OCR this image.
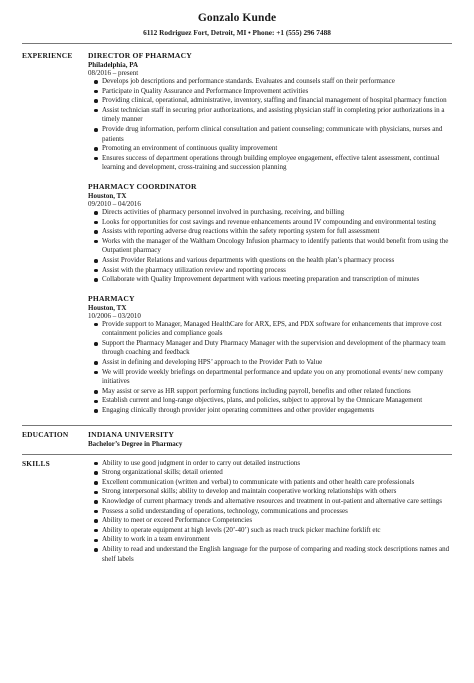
Gonzalo Kunde
6112 Rodriguez Fort, Detroit, MI • Phone: +1 (555) 296 7488
EXPERIENCE DIRECTOR OF PHARMACY
Philadelphia, PA
08/2016 – present
Develops job descriptions and performance standards. Evaluates and counsels staff on their performance
Participate in Quality Assurance and Performance Improvement activities
Providing clinical, operational, administrative, inventory, staffing and financial management of hospital pharmacy function
Assist technician staff in securing prior authorizations, and assisting physician staff in completing prior authorizations in a timely manner
Provide drug information, perform clinical consultation and patient counseling; communicate with physicians, nurses and patients
Promoting an environment of continuous quality improvement
Ensures success of department operations through building employee engagement, effective talent assessment, continual learning and development, cross-training and succession planning
PHARMACY COORDINATOR
Houston, TX
09/2010 – 04/2016
Directs activities of pharmacy personnel involved in purchasing, receiving, and billing
Looks for opportunities for cost savings and revenue enhancements around IV compounding and environmental testing
Assists with reporting adverse drug reactions within the safety reporting system for full assessment
Works with the manager of the Waltham Oncology Infusion pharmacy to identify patients that would benefit from using the Outpatient pharmacy
Assist Provider Relations and various departments with questions on the health plan’s pharmacy process
Assist with the pharmacy utilization review and reporting process
Collaborate with Quality Improvement department with various meeting preparation and transcription of minutes
PHARMACY
Houston, TX
10/2006 – 03/2010
Provide support to Manager, Managed HealthCare for ARX, EPS, and PDX software for enhancements that improve cost containment policies and compliance goals
Support the Pharmacy Manager and Duty Pharmacy Manager with the supervision and development of the pharmacy team through coaching and feedback
Assist in defining and developing HPS’ approach to the Provider Path to Value
We will provide weekly briefings on departmental performance and update you on any promotional events/ new company initiatives
May assist or serve as HR support performing functions including payroll, benefits and other related functions
Establish current and long-range objectives, plans, and policies, subject to approval by the Omnicare Management
Engaging clinically through provider joint operating committees and other provider engagements
EDUCATION	INDIANA UNIVERSITY
Bachelor’s Degree in Pharmacy
SKILLS	Ability to use good judgment in order to carry out detailed instructions
Strong organizational skills; detail oriented
Excellent communication (written and verbal) to communicate with patients and other health care professionals
Strong interpersonal skills; ability to develop and maintain cooperative working relationships with others
Knowledge of current pharmacy trends and alternative resources and treatment in out-patient and alternative care settings
Possess a solid understanding of operations, technology, communications and processes
Ability to meet or exceed Performance Competencies
Ability to operate equipment at high levels (20’-40’) such as reach truck picker machine forklift etc
Ability to work in a team environment
Ability to read and understand the English language for the purpose of comparing and reading stock descriptions names and shelf labels
